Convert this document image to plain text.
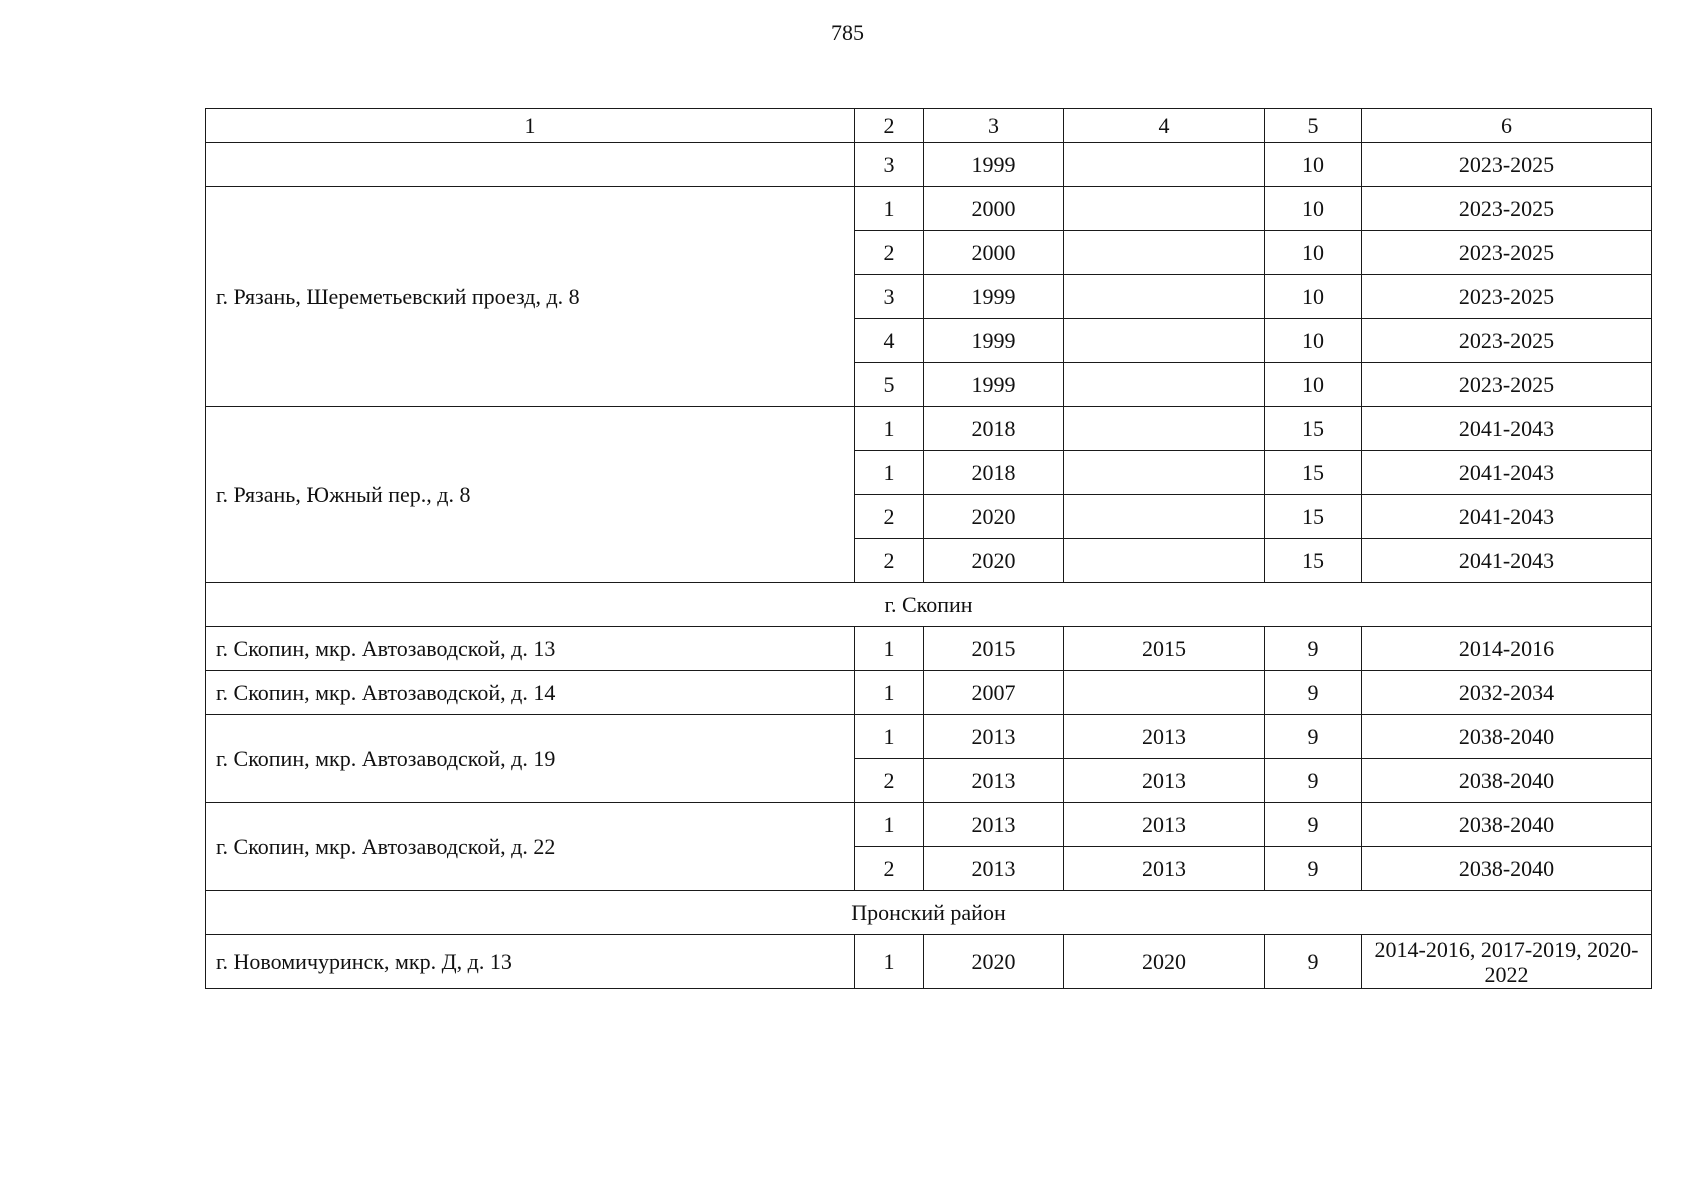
785
1	2	3	4	5	6
	3	1999		10	2023-2025
г. Рязань, Шереметьевский проезд, д. 8	1	2000		10	2023-2025
	2	2000		10	2023-2025
	3	1999		10	2023-2025
	4	1999		10	2023-2025
	5	1999		10	2023-2025
г. Рязань, Южный пер., д. 8	1	2018		15	2041-2043
	1	2018		15	2041-2043
	2	2020		15	2041-2043
	2	2020		15	2041-2043
г. Скопин					
г. Скопин, мкр. Автозаводской, д. 13	1	2015	2015	9	2014-2016
г. Скопин, мкр. Автозаводской, д. 14	1	2007		9	2032-2034
г. Скопин, мкр. Автозаводской, д. 19	1	2013	2013	9	2038-2040
	2	2013	2013	9	2038-2040
г. Скопин, мкр. Автозаводской, д. 22	1	2013	2013	9	2038-2040
	2	2013	2013	9	2038-2040
Пронский район					
г. Новомичуринск, мкр. Д, д. 13	1	2020	2020	9	2014-2016, 2017-2019, 2020-2022
